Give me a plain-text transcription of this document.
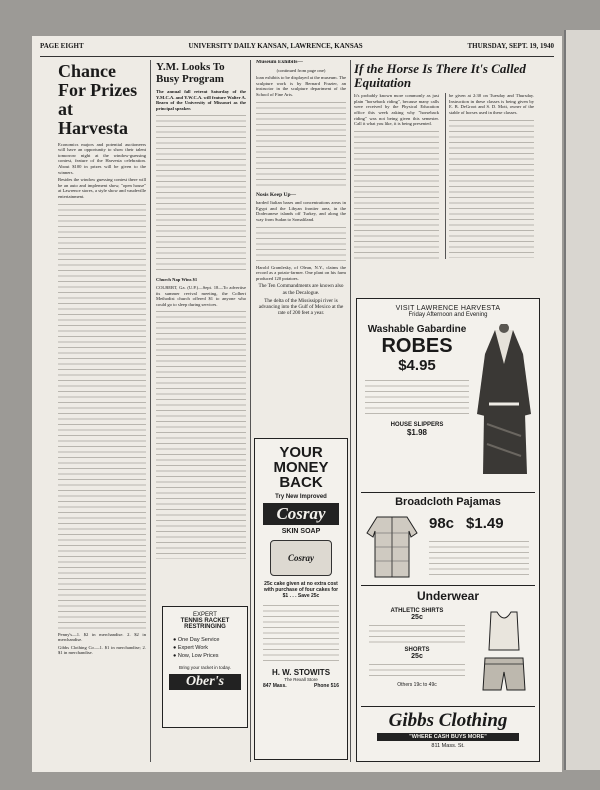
PAGE EIGHT	UNIVERSITY DAILY KANSAN, LAWRENCE, KANSAS	THURSDAY, SEPT. 19, 1940
Chance For Prizes at Harvesta

Economics majors and potential auctioneers will have an opportunity to show their talent tomorrow night at the window-guessing contest, feature of the Harvesta celebration. About $100 in prizes will be given to the winners.

Besides the window guessing contest there will be an auto and implement show, "open house" at Lawrence stores, a style show and vaudeville entertainment.

Penny's—1. $2 in merchandise. 2. $2 in merchandise.

Gibbs Clothing Co.—1. $1 in merchandise; 2. $1 in merchandise.

Y.M. Looks To Busy Program

The annual fall retreat Saturday of the Y.M.C.A. and Y.W.C.A. will feature Walter A. Bearn of the University of Missouri as the principal speaker.

Church Nap Wins $1

COLBERT, Ga. (U.P.)—Sept. 18—To advertise its summer revival meeting, the Colbert Methodist church offered $1 to anyone who could go to sleep during services.

EXPERT
TENNIS RACKET
RESTRINGING
● One Day Service
● Expert Work
● Now, Low Prices
Bring your racket in today.
Ober's

Museum Exhibits—

(continued from page one)

loan exhibits to be displayed at the museum. The sculpture work is by Bernard Frazier, an instructor in the sculpture department of the School of Fine Arts.

Nosis Keep Up—

barded Italian bases and concentrations areas in Egypt and the Libyan frontier area, in the Dodecanese islands off Turkey, and along the way from Sudan to Somaliland.

Harold Gramlesky, of Olean, N.Y., claims the record as a potato-farmer. One plant on his farm produced 120 potatoes.

The Ten Commandments are known also as the Decalogue.

The delta of the Mississippi river is advancing into the Gulf of Mexico at the rate of 200 feet a year.

YOUR
MONEY
BACK
Try New Improved
Cosray
SKIN SOAP
Cosray
25c cake given at no extra cost with purchase of four cakes for $1 . . . Save 25c
H. W. STOWITS
The Rexall Store
847 Mass.	Phone 516
If the Horse Is There It's Called Equitation

It's probably known more commonly as just plain "horseback riding", because many calls were received by the Physical Education office this week asking why "horseback riding" was not being given this semester. Call it what you like, it is being presented.

be given at 2:30 on Tuesday and Thursday. Instruction in these classes is being given by E. B. DeGroot and S. D. Mott, owner of the stable of horses used in these classes.

VISIT LAWRENCE HARVESTA
Friday Afternoon and Evening
Washable Gabardine
ROBES
$4.95
HOUSE SLIPPERS
$1.98
Broadcloth Pajamas
98c $1.49
Underwear
ATHLETIC SHIRTS
25c
SHORTS
25c
Others 19c to 49c
Gibbs Clothing
"WHERE CASH BUYS MORE"
811 Mass. St.
